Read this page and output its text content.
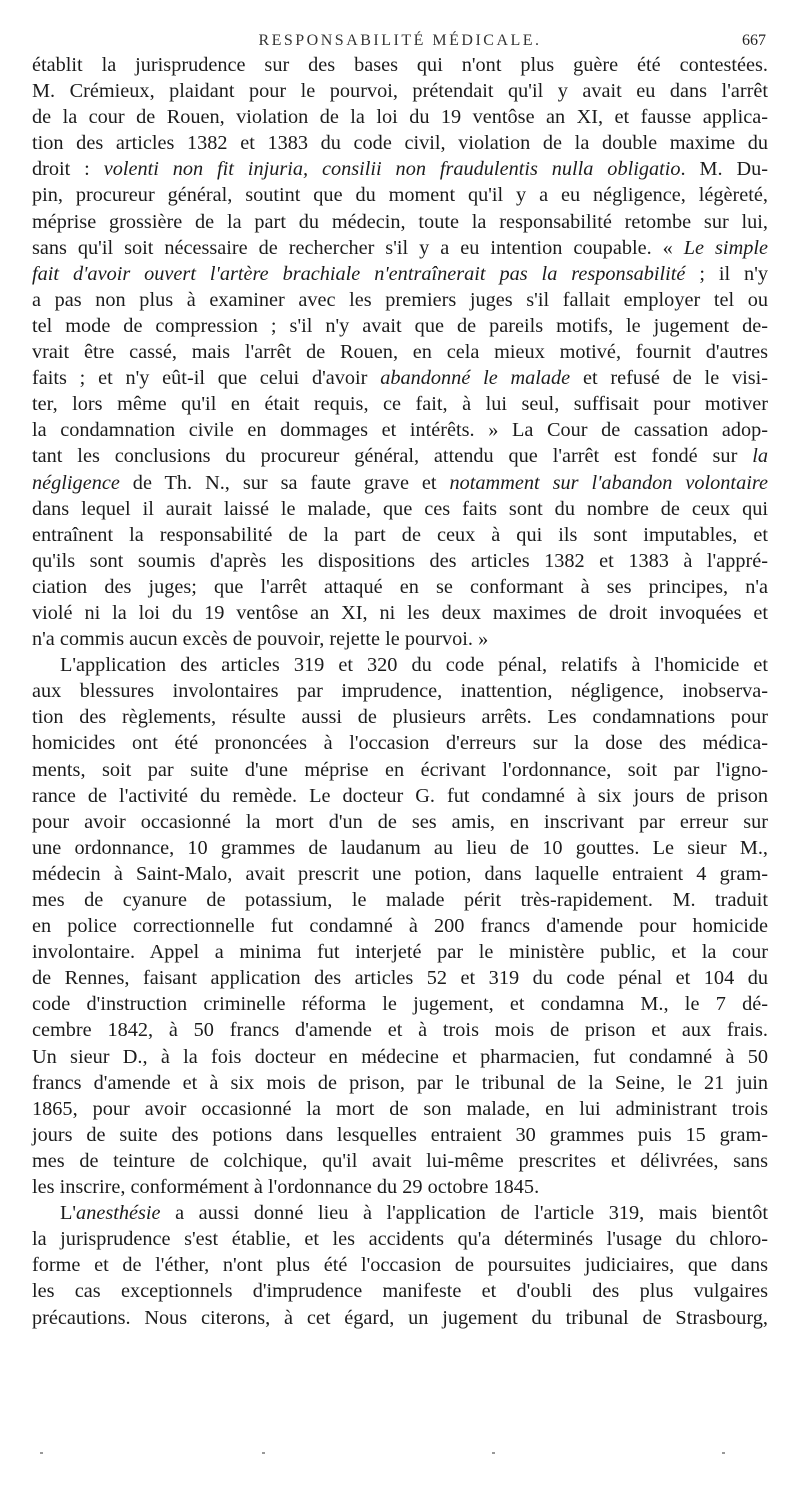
RESPONSABILITÉ MÉDICALE.	667
établit la jurisprudence sur des bases qui n'ont plus guère été contestées.
M. Crémieux, plaidant pour le pourvoi, prétendait qu'il y avait eu dans l'arrêt
de la cour de Rouen, violation de la loi du 19 ventôse an XI, et fausse applica-
tion des articles 1382 et 1383 du code civil, violation de la double maxime du
droit : volenti non fit injuria, consilii non fraudulentis nulla obligatio. M. Du-
pin, procureur général, soutint que du moment qu'il y a eu négligence, légèreté,
méprise grossière de la part du médecin, toute la responsabilité retombe sur lui,
sans qu'il soit nécessaire de rechercher s'il y a eu intention coupable. « Le simple
fait d'avoir ouvert l'artère brachiale n'entraînerait pas la responsabilité ; il n'y
a pas non plus à examiner avec les premiers juges s'il fallait employer tel ou
tel mode de compression ; s'il n'y avait que de pareils motifs, le jugement de-
vrait être cassé, mais l'arrêt de Rouen, en cela mieux motivé, fournit d'autres
faits ; et n'y eût-il que celui d'avoir abandonné le malade et refusé de le visi-
ter, lors même qu'il en était requis, ce fait, à lui seul, suffisait pour motiver
la condamnation civile en dommages et intérêts. » La Cour de cassation adop-
tant les conclusions du procureur général, attendu que l'arrêt est fondé sur la
négligence de Th. N., sur sa faute grave et notamment sur l'abandon volontaire
dans lequel il aurait laissé le malade, que ces faits sont du nombre de ceux qui
entraînent la responsabilité de la part de ceux à qui ils sont imputables, et
qu'ils sont soumis d'après les dispositions des articles 1382 et 1383 à l'appré-
ciation des juges; que l'arrêt attaqué en se conformant à ses principes, n'a
violé ni la loi du 19 ventôse an XI, ni les deux maximes de droit invoquées et
n'a commis aucun excès de pouvoir, rejette le pourvoi. »
L'application des articles 319 et 320 du code pénal, relatifs à l'homicide et
aux blessures involontaires par imprudence, inattention, négligence, inobserva-
tion des règlements, résulte aussi de plusieurs arrêts. Les condamnations pour
homicides ont été prononcées à l'occasion d'erreurs sur la dose des médica-
ments, soit par suite d'une méprise en écrivant l'ordonnance, soit par l'igno-
rance de l'activité du remède. Le docteur G. fut condamné à six jours de prison
pour avoir occasionné la mort d'un de ses amis, en inscrivant par erreur sur
une ordonnance, 10 grammes de laudanum au lieu de 10 gouttes. Le sieur M.,
médecin à Saint-Malo, avait prescrit une potion, dans laquelle entraient 4 gram-
mes de cyanure de potassium, le malade périt très-rapidement. M. traduit
en police correctionnelle fut condamné à 200 francs d'amende pour homicide
involontaire. Appel a minima fut interjeté par le ministère public, et la cour
de Rennes, faisant application des articles 52 et 319 du code pénal et 104 du
code d'instruction criminelle réforma le jugement, et condamna M., le 7 dé-
cembre 1842, à 50 francs d'amende et à trois mois de prison et aux frais.
Un sieur D., à la fois docteur en médecine et pharmacien, fut condamné à 50
francs d'amende et à six mois de prison, par le tribunal de la Seine, le 21 juin
1865, pour avoir occasionné la mort de son malade, en lui administrant trois
jours de suite des potions dans lesquelles entraient 30 grammes puis 15 gram-
mes de teinture de colchique, qu'il avait lui-même prescrites et délivrées, sans
les inscrire, conformément à l'ordonnance du 29 octobre 1845.
L'anesthésie a aussi donné lieu à l'application de l'article 319, mais bientôt
la jurisprudence s'est établie, et les accidents qu'a déterminés l'usage du chloro-
forme et de l'éther, n'ont plus été l'occasion de poursuites judiciaires, que dans
les cas exceptionnels d'imprudence manifeste et d'oubli des plus vulgaires
précautions. Nous citerons, à cet égard, un jugement du tribunal de Strasbourg,
